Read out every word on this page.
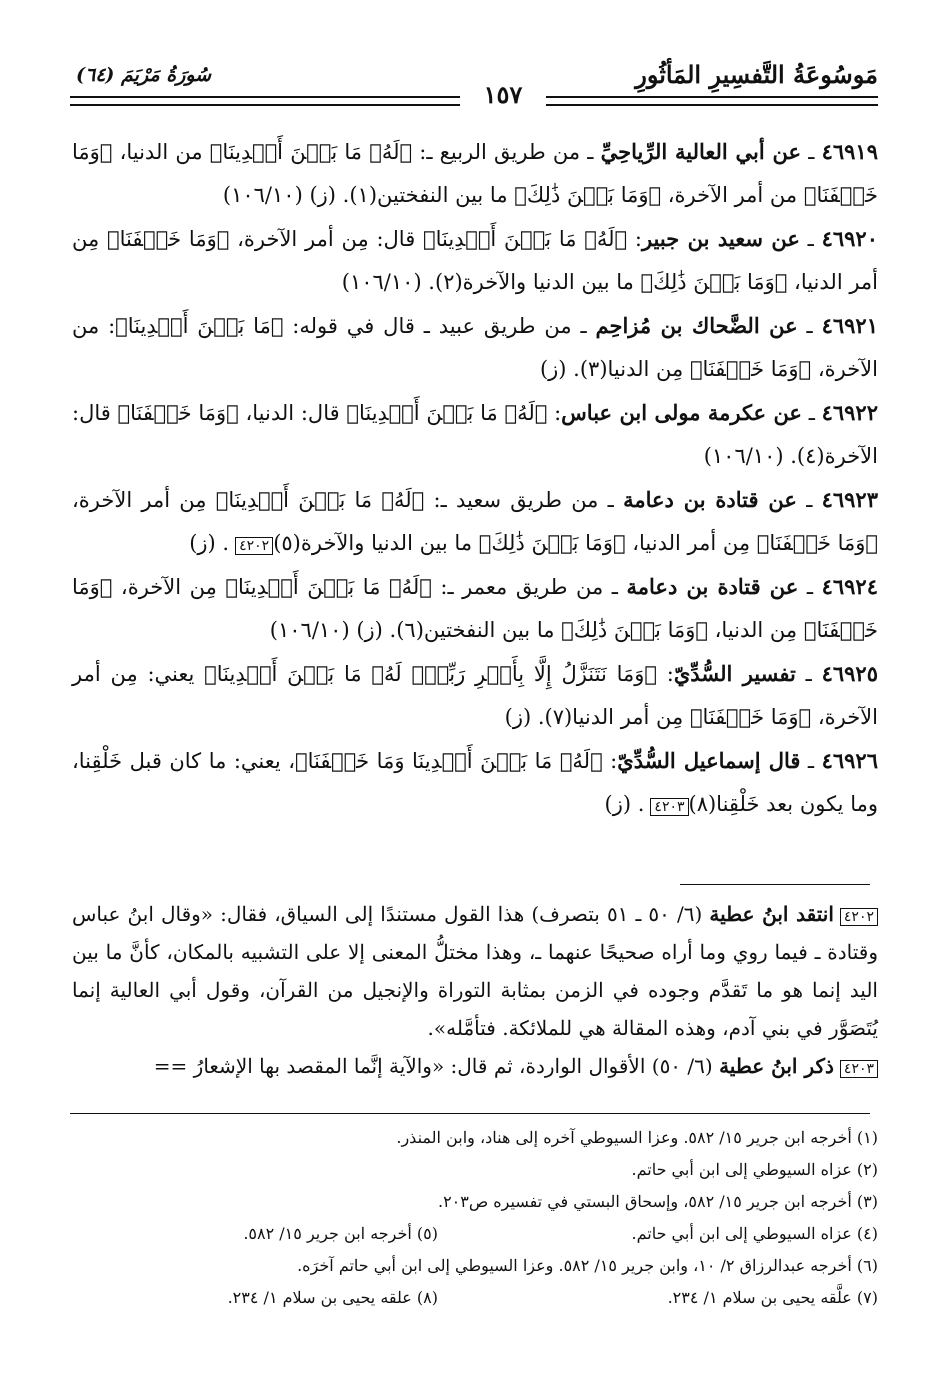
مَوسُوعَةُ التَّفسِيرِ المَأثُورِ
١٥٧
سُورَةُ مَرْيَمَ (٦٤)

٤٦٩١٩ ـ عن أبي العالية الرِّياحِيِّ ـ من طريق الربيع ـ: ﴿لَهُۥ مَا بَيۡنَ أَيۡدِينَا﴾ من الدنيا، ﴿وَمَا خَلۡفَنَا﴾ من أمر الآخرة، ﴿وَمَا بَيۡنَ ذَٰلِكَ﴾ ما بين النفختين(١). (ز) (١٠٦/١٠)

٤٦٩٢٠ ـ عن سعيد بن جبير: ﴿لَهُۥ مَا بَيۡنَ أَيۡدِينَا﴾ قال: مِن أمر الآخرة، ﴿وَمَا خَلۡفَنَا﴾ مِن أمر الدنيا، ﴿وَمَا بَيۡنَ ذَٰلِكَ﴾ ما بين الدنيا والآخرة(٢). (١٠٦/١٠)

٤٦٩٢١ ـ عن الضَّحاك بن مُزاحِم ـ من طريق عبيد ـ قال في قوله: ﴿مَا بَيۡنَ أَيۡدِينَا﴾: من الآخرة، ﴿وَمَا خَلۡفَنَا﴾ مِن الدنيا(٣). (ز)

٤٦٩٢٢ ـ عن عكرمة مولى ابن عباس: ﴿لَهُۥ مَا بَيۡنَ أَيۡدِينَا﴾ قال: الدنيا، ﴿وَمَا خَلۡفَنَا﴾ قال: الآخرة(٤). (١٠٦/١٠)

٤٦٩٢٣ ـ عن قتادة بن دعامة ـ من طريق سعيد ـ: ﴿لَهُۥ مَا بَيۡنَ أَيۡدِينَا﴾ مِن أمر الآخرة، ﴿وَمَا خَلۡفَنَا﴾ مِن أمر الدنيا، ﴿وَمَا بَيۡنَ ذَٰلِكَ﴾ ما بين الدنيا والآخرة(٥)٤٢٠٢. (ز)

٤٦٩٢٤ ـ عن قتادة بن دعامة ـ من طريق معمر ـ: ﴿لَهُۥ مَا بَيۡنَ أَيۡدِينَا﴾ مِن الآخرة، ﴿وَمَا خَلۡفَنَا﴾ مِن الدنيا، ﴿وَمَا بَيۡنَ ذَٰلِكَ﴾ ما بين النفختين(٦). (ز) (١٠٦/١٠)

٤٦٩٢٥ ـ تفسير السُّدِّيّ: ﴿وَمَا نَتَنَزَّلُ إِلَّا بِأَمۡرِ رَبِّكَۖ لَهُۥ مَا بَيۡنَ أَيۡدِينَا﴾ يعني: مِن أمر الآخرة، ﴿وَمَا خَلۡفَنَا﴾ مِن أمر الدنيا(٧). (ز)

٤٦٩٢٦ ـ قال إسماعيل السُّدِّيّ: ﴿لَهُۥ مَا بَيۡنَ أَيۡدِينَا وَمَا خَلۡفَنَا﴾، يعني: ما كان قبل خَلْقِنا، وما يكون بعد خَلْقِنا(٨)٤٢٠٣. (ز)

٤٢٠٢انتقد ابنُ عطية (٦/ ٥٠ ـ ٥١ بتصرف) هذا القول مستندًا إلى السياق، فقال: «وقال ابنُ عباس وقتادة ـ فيما روي وما أراه صحيحًا عنهما ـ، وهذا مختلُّ المعنى إلا على التشبيه بالمكان، كأنَّ ما بين اليد إنما هو ما تَقدَّم وجوده في الزمن بمثابة التوراة والإنجيل من القرآن، وقول أبي العالية إنما يُتَصَوَّر في بني آدم، وهذه المقالة هي للملائكة. فتأمَّله».

٤٢٠٣ذكر ابنُ عطية (٦/ ٥٠) الأقوال الواردة، ثم قال: «والآية إنَّما المقصد بها الإشعارُ ==

(١) أخرجه ابن جرير ١٥/ ٥٨٢. وعزا السيوطي آخره إلى هناد، وابن المنذر.
(٢) عزاه السيوطي إلى ابن أبي حاتم.
(٣) أخرجه ابن جرير ١٥/ ٥٨٢، وإسحاق البستي في تفسيره ص٢٠٣.
(٤) عزاه السيوطي إلى ابن أبي حاتم.
(٥) أخرجه ابن جرير ١٥/ ٥٨٢.
(٦) أخرجه عبدالرزاق ٢/ ١٠، وابن جرير ١٥/ ٥٨٢. وعزا السيوطي إلى ابن أبي حاتم آخرَه.
(٧) علَّقه يحيى بن سلام ١/ ٢٣٤.
(٨) علقه يحيى بن سلام ١/ ٢٣٤.
